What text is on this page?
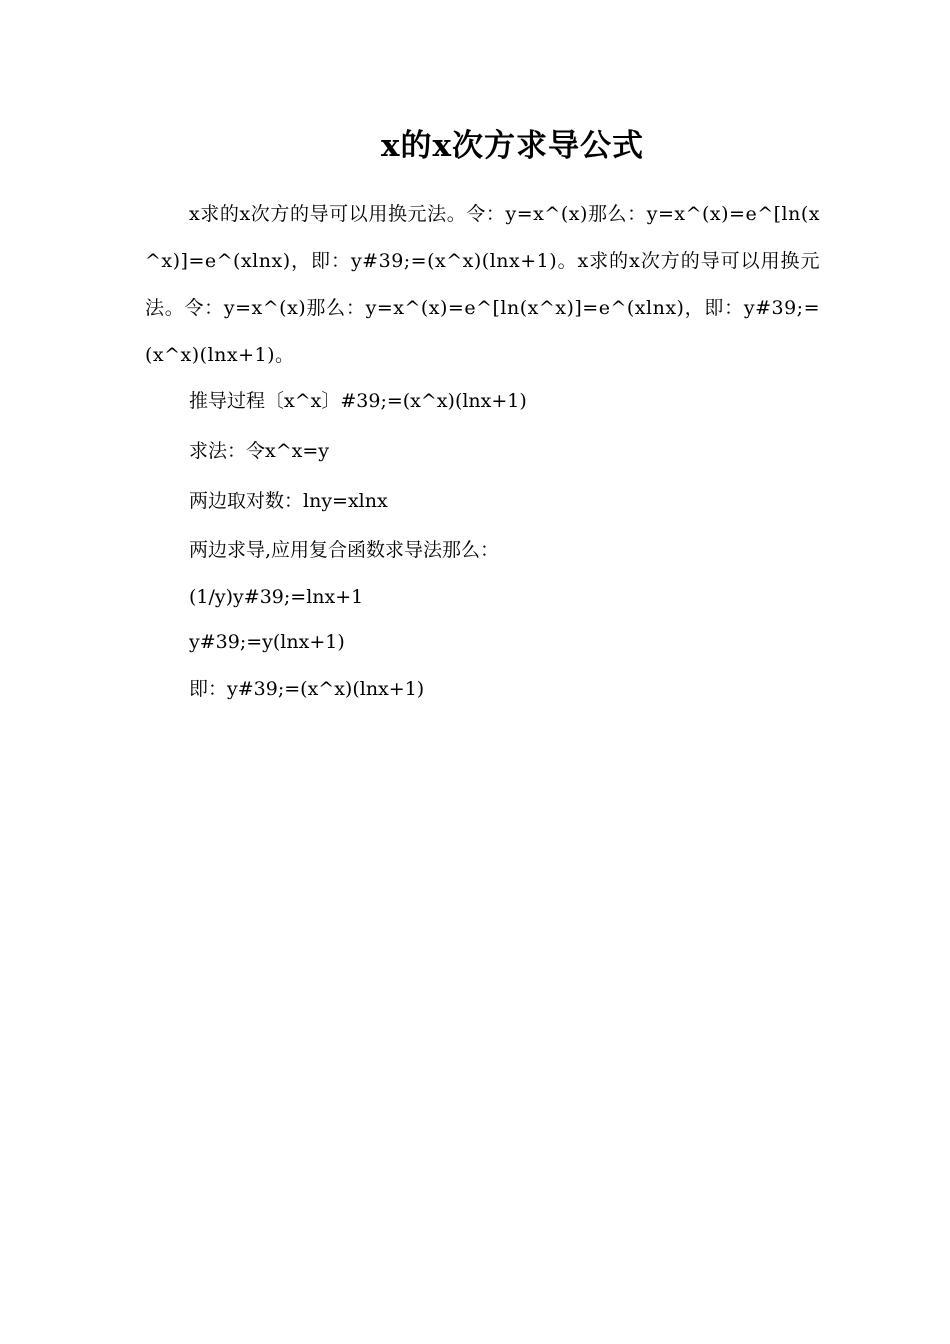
x的x次方求导公式
x求的x次方的导可以用换元法。令：y=x^(x)那么：y=x^(x)=e^[ln(x^x)]=e^(xlnx)，即：y#39;=(x^x)(lnx+1)。x求的x次方的导可以用换元法。令：y=x^(x)那么：y=x^(x)=e^[ln(x^x)]=e^(xlnx)，即：y#39;=(x^x)(lnx+1)。
推导过程〔x^x〕#39;=(x^x)(lnx+1)
求法：令x^x=y
两边取对数：lny=xlnx
两边求导,应用复合函数求导法那么：
(1/y)y#39;=lnx+1
y#39;=y(lnx+1)
即：y#39;=(x^x)(lnx+1)
